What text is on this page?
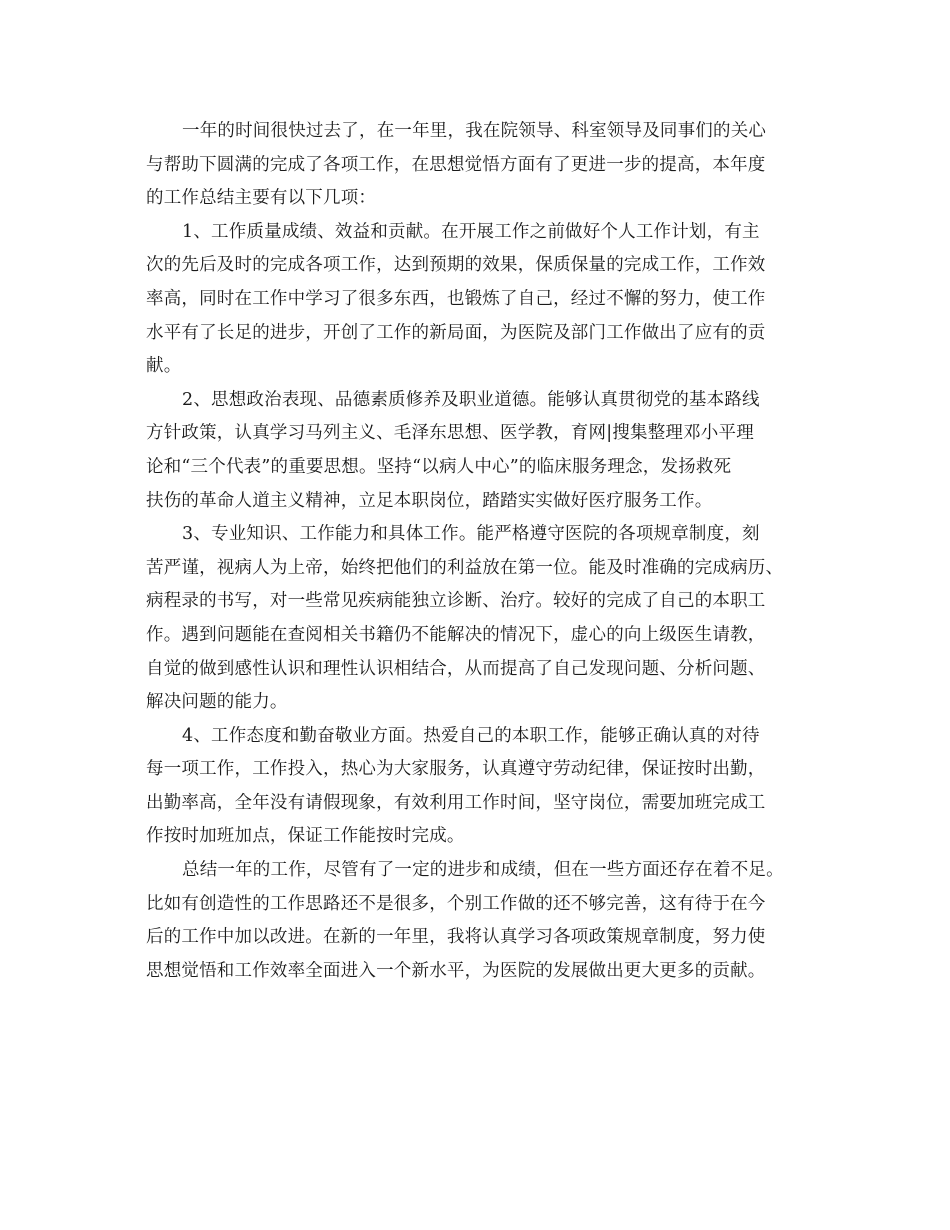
一年的时间很快过去了，在一年里，我在院领导、科室领导及同事们的关心
与帮助下圆满的完成了各项工作，在思想觉悟方面有了更进一步的提高，本年度
的工作总结主要有以下几项：
1、工作质量成绩、效益和贡献。在开展工作之前做好个人工作计划，有主
次的先后及时的完成各项工作，达到预期的效果，保质保量的完成工作，工作效
率高，同时在工作中学习了很多东西，也锻炼了自己，经过不懈的努力，使工作
水平有了长足的进步，开创了工作的新局面，为医院及部门工作做出了应有的贡
献。
2、思想政治表现、品德素质修养及职业道德。能够认真贯彻党的基本路线
方针政策，认真学习马列主义、毛泽东思想、医学教，育网|搜集整理邓小平理
论和“三个代表”的重要思想。坚持“以病人中心”的临床服务理念，发扬救死
扶伤的革命人道主义精神，立足本职岗位，踏踏实实做好医疗服务工作。
3、专业知识、工作能力和具体工作。能严格遵守医院的各项规章制度，刻
苦严谨，视病人为上帝，始终把他们的利益放在第一位。能及时准确的完成病历、
病程录的书写，对一些常见疾病能独立诊断、治疗。较好的完成了自己的本职工
作。遇到问题能在查阅相关书籍仍不能解决的情况下，虚心的向上级医生请教，
自觉的做到感性认识和理性认识相结合，从而提高了自己发现问题、分析问题、
解决问题的能力。
4、工作态度和勤奋敬业方面。热爱自己的本职工作，能够正确认真的对待
每一项工作，工作投入，热心为大家服务，认真遵守劳动纪律，保证按时出勤，
出勤率高，全年没有请假现象，有效利用工作时间，坚守岗位，需要加班完成工
作按时加班加点，保证工作能按时完成。
总结一年的工作，尽管有了一定的进步和成绩，但在一些方面还存在着不足。
比如有创造性的工作思路还不是很多，个别工作做的还不够完善，这有待于在今
后的工作中加以改进。在新的一年里，我将认真学习各项政策规章制度，努力使
思想觉悟和工作效率全面进入一个新水平，为医院的发展做出更大更多的贡献。
